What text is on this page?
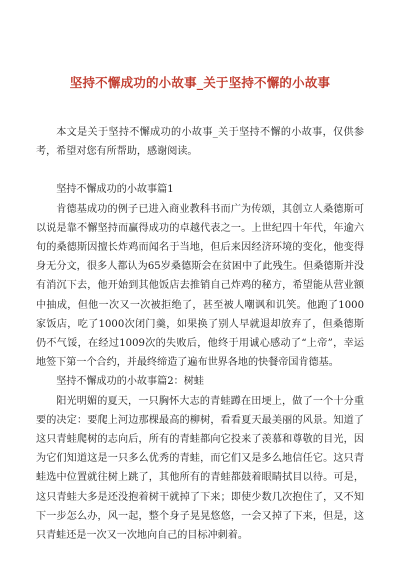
坚持不懈成功的小故事_关于坚持不懈的小故事

本文是关于坚持不懈成功的小故事_关于坚持不懈的小故事，仅供参考，希望对您有所帮助，感谢阅读。

坚持不懈成功的小故事篇1

肯德基成功的例子已进入商业教科书而广为传颂，其创立人桑德斯可以说是靠不懈坚持而赢得成功的卓越代表之一。上世纪四十年代，年逾六旬的桑德斯因擅长炸鸡而闻名于当地，但后来因经济环境的变化，他变得身无分文，很多人都认为65岁桑德斯会在贫困中了此残生。但桑德斯并没有消沉下去，他开始到其他饭店去推销自己炸鸡的秘方，希望能从营业额中抽成，但他一次又一次被拒绝了，甚至被人嘲讽和讥笑。他跑了1000家饭店，吃了1000次闭门羹，如果换了别人早就退却放弃了，但桑德斯仍不气馁，在经过1009次的失败后，他终于用诚心感动了“上帝”，幸运地签下第一个合约，并最终缔造了遍布世界各地的快餐帝国肯德基。

坚持不懈成功的小故事篇2：树蛙

阳光明媚的夏天，一只胸怀大志的青蛙蹲在田埂上，做了一个十分重要的决定：要爬上河边那棵最高的柳树，看看夏天最美丽的风景。知道了这只青蛙爬树的志向后，所有的青蛙都向它投来了羡慕和尊敬的目光，因为它们知道这是一只多么优秀的青蛙，而它们又是多么地信任它。这只青蛙选中位置就往树上跳了，其他所有的青蛙都鼓着眼睛拭目以待。可是，这只青蛙大多是还没抱着树干就掉了下来；即使少数几次抱住了，又不知下一步怎么办，风一起，整个身子晃晃悠悠，一会又掉了下来，但是，这只青蛙还是一次又一次地向自己的目标冲刺着。
